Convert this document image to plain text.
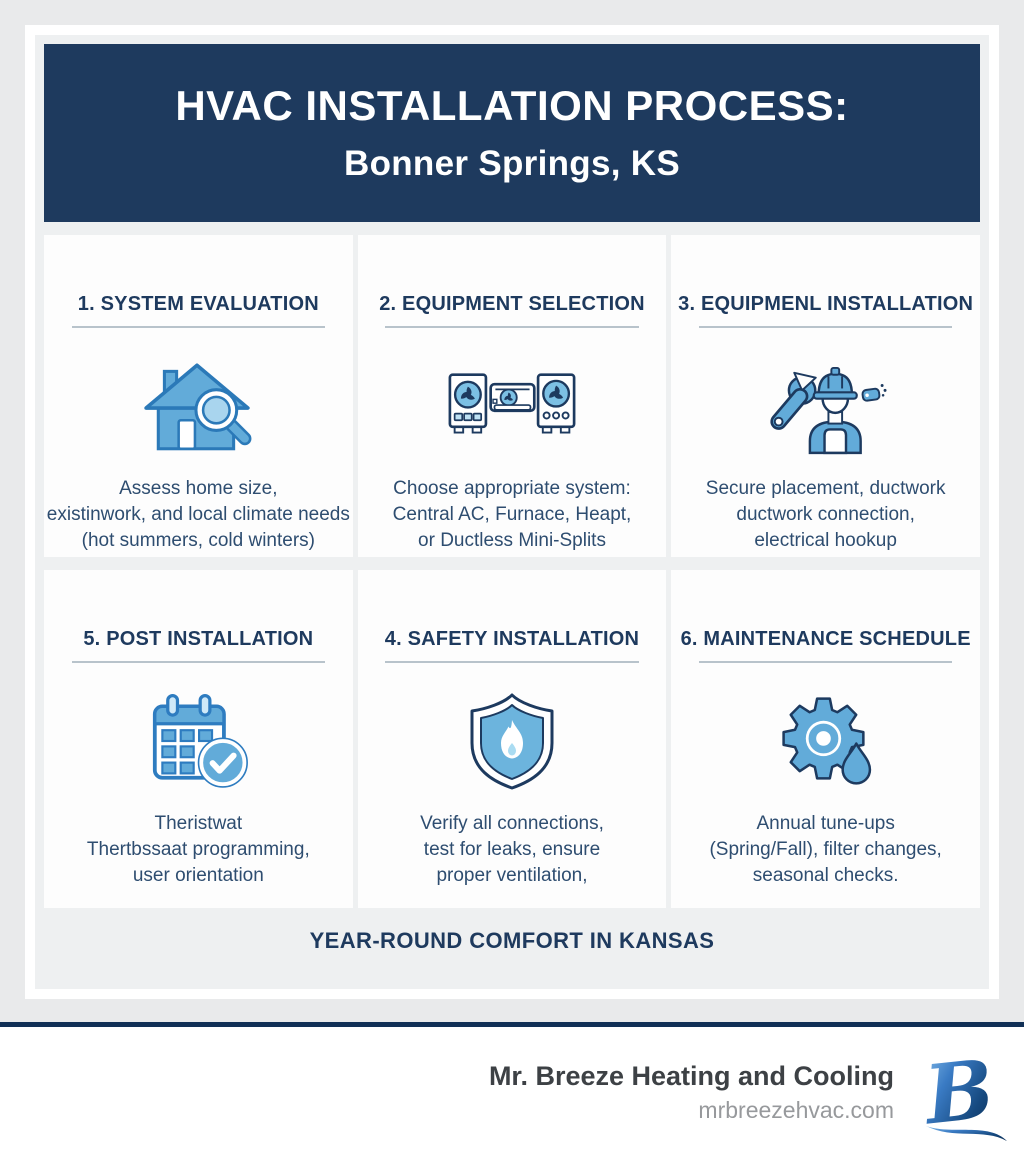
HVAC INSTALLATION PROCESS:
Bonner Springs, KS
1. SYSTEM EVALUATION
Assess home size,
existinwork, and local climate needs
(hot summers, cold winters)
2. EQUIPMENT SELECTION
Choose appropriate system:
Central AC, Furnace, Heapt,
or Ductless Mini-Splits
3. EQUIPMENL INSTALLATION
Secure placement, ductwork
ductwork connection,
electrical hookup
5. POST INSTALLATION
Theristwat
Thertbssaat programming,
user orientation
4. SAFETY INSTALLATION
Verify all connections,
test for leaks, ensure
proper ventilation,
6. MAINTENANCE SCHEDULE
Annual tune-ups
(Spring/Fall), filter changes,
seasonal checks.
YEAR-ROUND COMFORT IN KANSAS
Mr. Breeze Heating and Cooling
mrbreezehvac.com B
